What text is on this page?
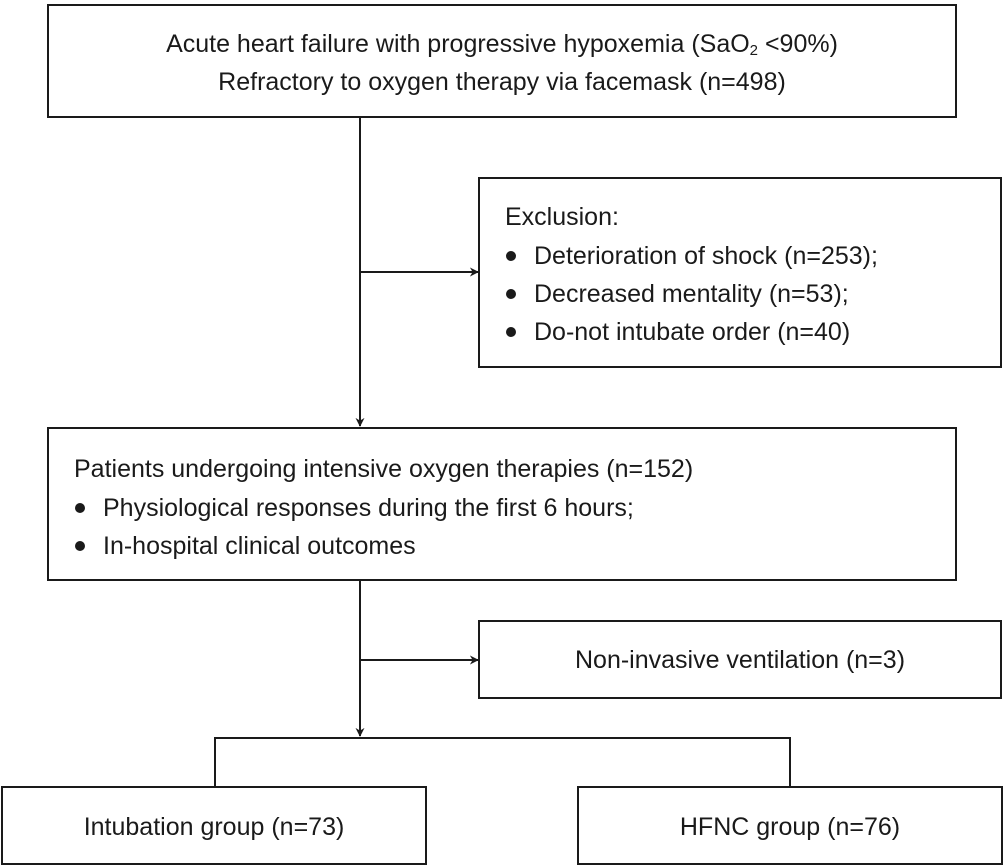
Acute heart failure with progressive hypoxemia (SaO$_2$ <90%)
Refractory to oxygen therapy via facemask (n=498)
Exclusion:
Deterioration of shock (n=253);
Decreased mentality (n=53);
Do-not intubate order (n=40)
Patients undergoing intensive oxygen therapies (n=152)
Physiological responses during the first 6 hours;
In-hospital clinical outcomes
Non-invasive ventilation (n=3)
Intubation group (n=73)	HFNC group (n=76)
